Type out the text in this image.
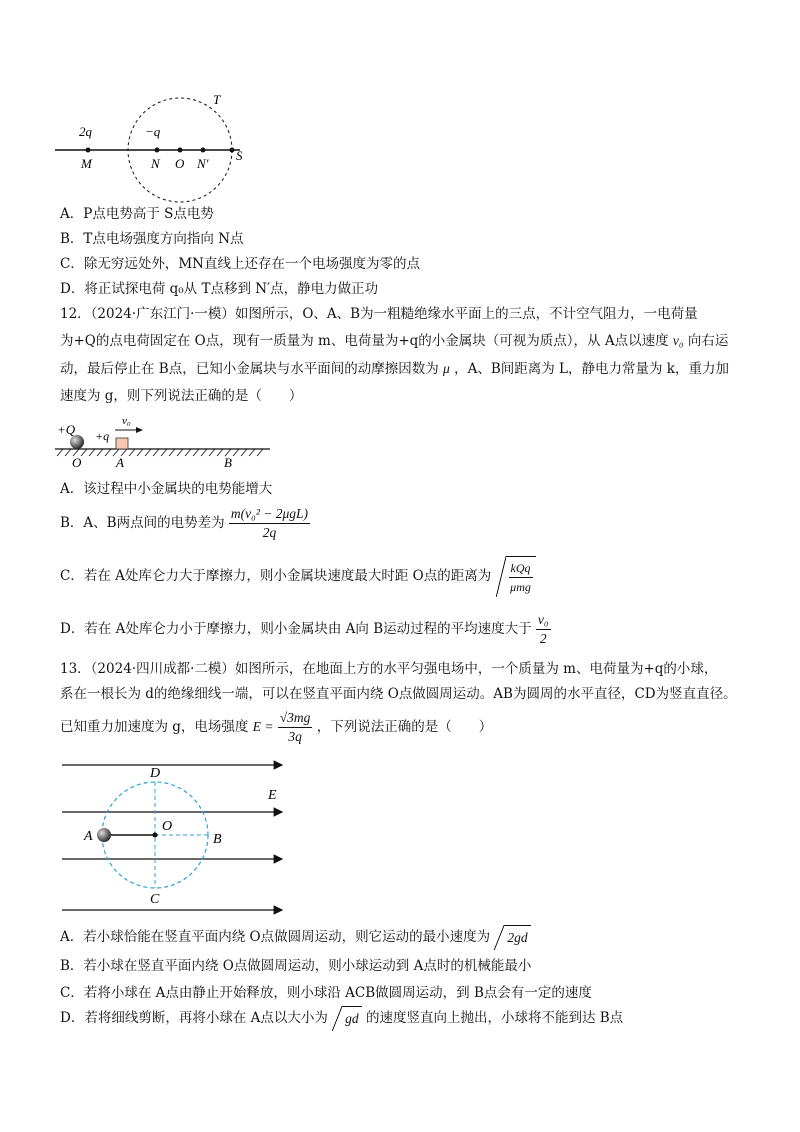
T
2q	−q
M	N O N′
S
A．P点电势高于 S点电势
B．T点电场强度方向指向 N点
C．除无穷远处外，MN直线上还存在一个电场强度为零的点
D．将正试探电荷 q₀从 T点移到 N′点，静电力做正功
12．（2024·广东江门·一模）如图所示，O、A、B为一粗糙绝缘水平面上的三点，不计空气阻力，一电荷量
为+Q的点电荷固定在 O点，现有一质量为 m、电荷量为+q的小金属块（可视为质点），从 A点以速度 v₀ 向右运
动，最后停止在 B点，已知小金属块与水平面间的动摩擦因数为 μ ，A、B间距离为 L，静电力常量为 k，重力加
速度为 g，则下列说法正确的是（　　）
+Q +q
v₀
O	A	B
A．该过程中小金属块的电势能增大
B．A、B两点间的电势差为 $\frac{\text{m(v₀² − 2μgL)}}{2q}$
C．若在 A处库仑力大于摩擦力，则小金属块速度最大时距 O点的距离为 $\frac{\text{kQq}}{\text{μmg}}$
D．若在 A处库仑力小于摩擦力，则小金属块由 A向 B运动过程的平均速度大于 $\frac{\text{v₀}}{2}$
13．（2024·四川成都·二模）如图所示，在地面上方的水平匀强电场中，一个质量为 m、电荷量为+q的小球，
系在一根长为 d的绝缘细线一端，可以在竖直平面内绕 O点做圆周运动。AB为圆周的水平直径，CD为竖直直径。
已知重力加速度为 g，电场强度 $E = \frac{√3mg}{3q}$ ，下列说法正确的是（　　）
D
E
A
O
B
C
A．若小球恰能在竖直平面内绕 O点做圆周运动，则它运动的最小速度为 2gd
B．若小球在竖直平面内绕 O点做圆周运动，则小球运动到 A点时的机械能最小
C．若将小球在 A点由静止开始释放，则小球沿 ACB做圆周运动，到 B点会有一定的速度
D．若将细线剪断，再将小球在 A点以大小为 gd 的速度竖直向上抛出，小球将不能到达 B点
